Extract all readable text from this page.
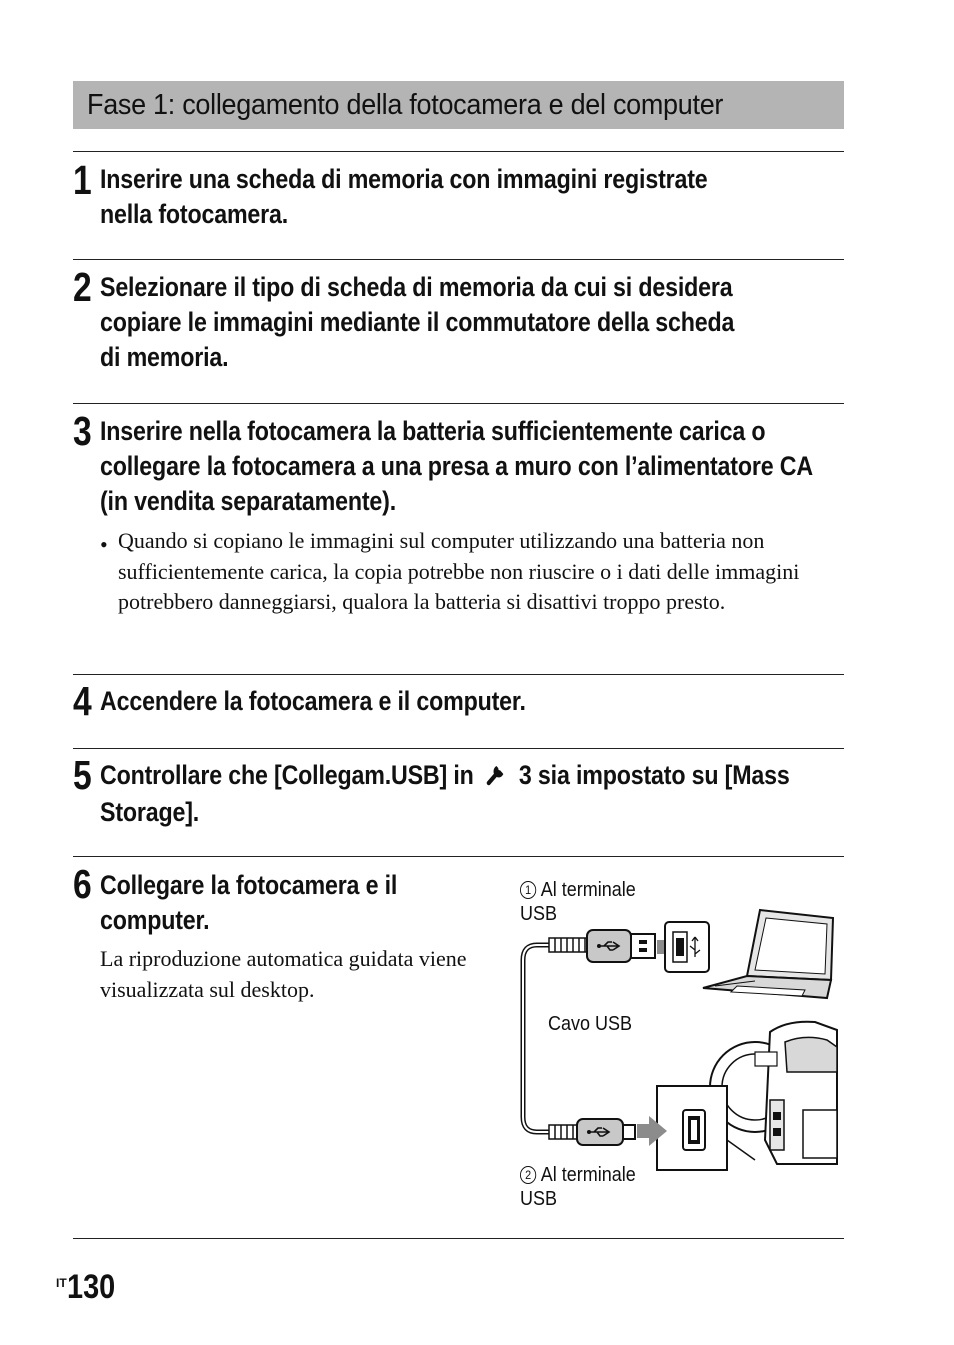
Fase 1: collegamento della fotocamera e del computer
1 Inserire una scheda di memoria con immagini registrate nella fotocamera.
2 Selezionare il tipo di scheda di memoria da cui si desidera copiare le immagini mediante il commutatore della scheda di memoria.
3 Inserire nella fotocamera la batteria sufficientemente carica o collegare la fotocamera a una presa a muro con l’alimentatore CA (in vendita separatamente).
• Quando si copiano le immagini sul computer utilizzando una batteria non sufficientemente carica, la copia potrebbe non riuscire o i dati delle immagini potrebbero danneggiarsi, qualora la batteria si disattivi troppo presto.
4 Accendere la fotocamera e il computer.
5 Controllare che [Collegam.USB] in 3 sia impostato su [Mass Storage].
6 Collegare la fotocamera e il computer.
La riproduzione automatica guidata viene visualizzata sul desktop.
1 Al terminale
USB
Cavo USB
2 Al terminale
USB
$^{IT}$130
